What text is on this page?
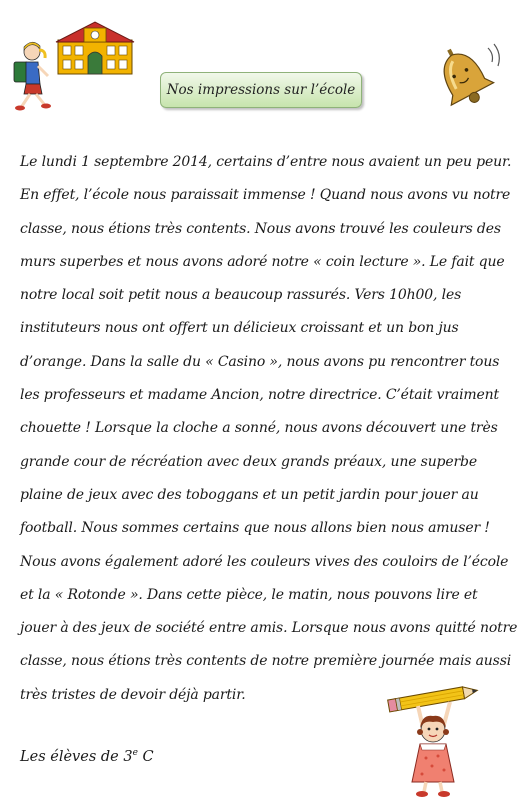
Nos impressions sur l’école
Le lundi 1 septembre 2014, certains d’entre nous avaient un peu peur.
En effet, l’école nous paraissait immense ! Quand nous avons vu notre
classe, nous étions très contents. Nous avons trouvé les couleurs des
murs superbes et nous avons adoré notre « coin lecture ». Le fait que
notre local soit petit nous a beaucoup rassurés. Vers 10h00, les
instituteurs nous ont offert un délicieux croissant et un bon jus
d’orange. Dans la salle du « Casino », nous avons pu rencontrer tous
les professeurs et madame Ancion, notre directrice. C’était vraiment
chouette ! Lorsque la cloche a sonné, nous avons découvert une très
grande cour de récréation avec deux grands préaux, une superbe
plaine de jeux avec des toboggans et un petit jardin pour jouer au
football. Nous sommes certains que nous allons bien nous amuser !
Nous avons également adoré les couleurs vives des couloirs de l’école
et la « Rotonde ». Dans cette pièce, le matin, nous pouvons lire et
jouer à des jeux de société entre amis. Lorsque nous avons quitté notre
classe, nous étions très contents de notre première journée mais aussi
très tristes de devoir déjà partir.
Les élèves de 3e C
